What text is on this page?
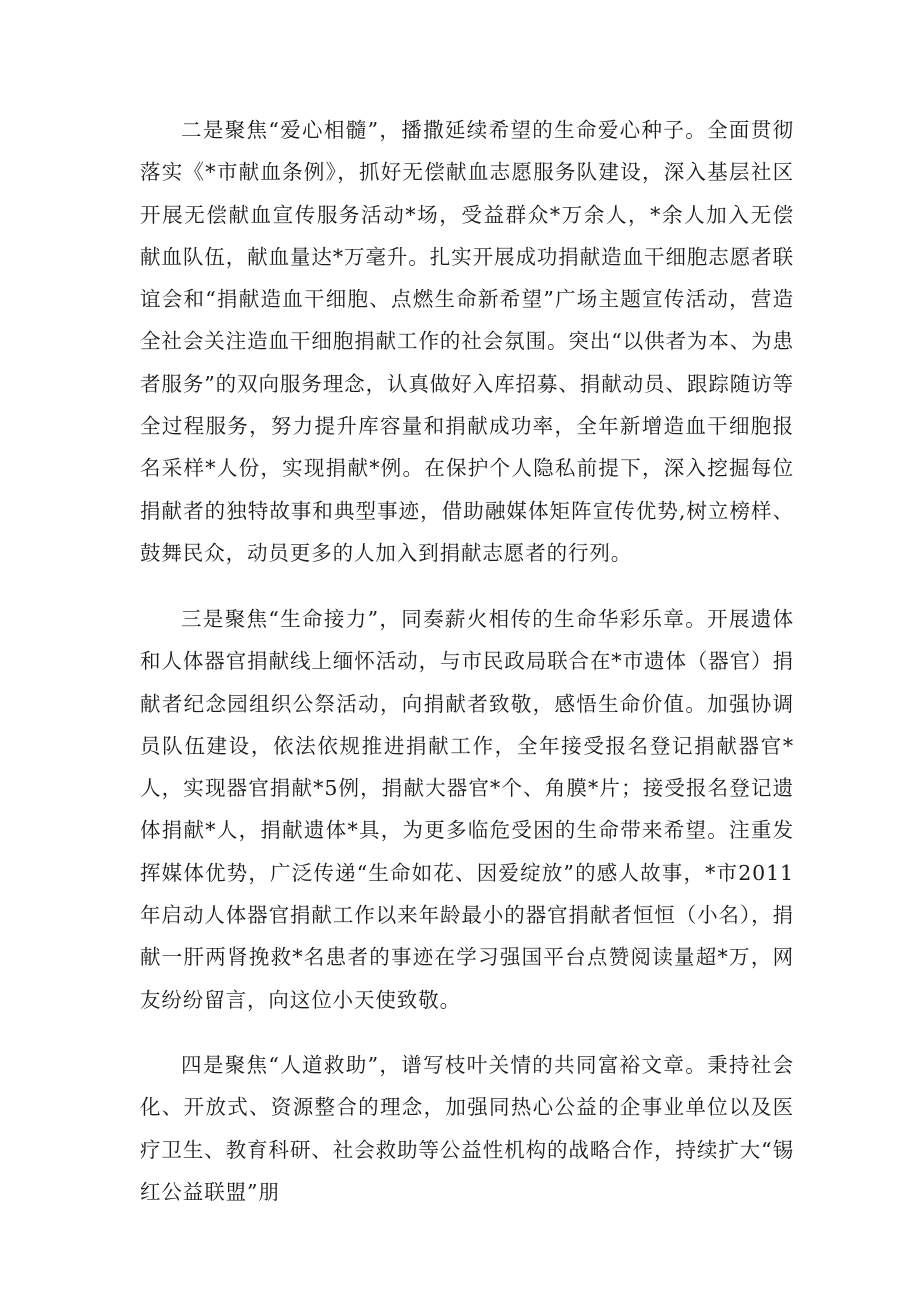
二是聚焦“爱心相髓”，播撒延续希望的生命爱心种子。全面贯彻落实《*市献血条例》，抓好无偿献血志愿服务队建设，深入基层社区开展无偿献血宣传服务活动*场，受益群众*万余人，*余人加入无偿献血队伍，献血量达*万毫升。扎实开展成功捐献造血干细胞志愿者联谊会和“捐献造血干细胞、点燃生命新希望”广场主题宣传活动，营造全社会关注造血干细胞捐献工作的社会氛围。突出“以供者为本、为患者服务”的双向服务理念，认真做好入库招募、捐献动员、跟踪随访等全过程服务，努力提升库容量和捐献成功率，全年新增造血干细胞报名采样*人份，实现捐献*例。在保护个人隐私前提下，深入挖掘每位捐献者的独特故事和典型事迹，借助融媒体矩阵宣传优势,树立榜样、鼓舞民众，动员更多的人加入到捐献志愿者的行列。

三是聚焦“生命接力”，同奏薪火相传的生命华彩乐章。开展遗体和人体器官捐献线上缅怀活动，与市民政局联合在*市遗体（器官）捐献者纪念园组织公祭活动，向捐献者致敬，感悟生命价值。加强协调员队伍建设，依法依规推进捐献工作，全年接受报名登记捐献器官*人，实现器官捐献*5例，捐献大器官*个、角膜*片；接受报名登记遗体捐献*人，捐献遗体*具，为更多临危受困的生命带来希望。注重发挥媒体优势，广泛传递“生命如花、因爱绽放”的感人故事，*市2011年启动人体器官捐献工作以来年龄最小的器官捐献者恒恒（小名），捐献一肝两肾挽救*名患者的事迹在学习强国平台点赞阅读量超*万，网友纷纷留言，向这位小天使致敬。

四是聚焦“人道救助”，谱写枝叶关情的共同富裕文章。秉持社会化、开放式、资源整合的理念，加强同热心公益的企事业单位以及医疗卫生、教育科研、社会救助等公益性机构的战略合作，持续扩大“锡红公益联盟”朋
